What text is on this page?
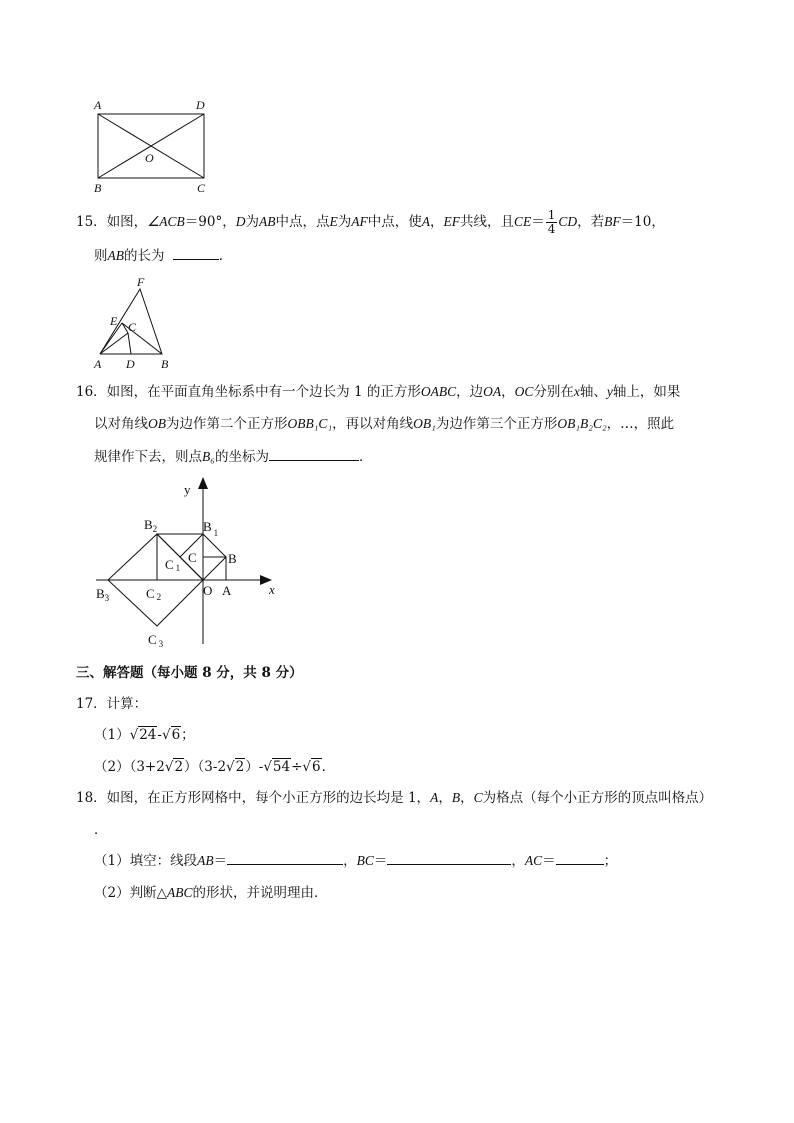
A	D
O
B	C
F
E C
A D B
y
x
$B_2$	B $_1$
C B
C 1
$B_3$	C 2	O A
C $_3$
15．如图，∠ACB＝90°，D为AB中点，点E为AF中点，使A，EF共线，且$CE= \frac{1}{4}$ CD，若BF＝10，
则AB的长为	．
16．如图，在平面直角坐标系中有一个边长为 1 的正方形OABC，边OA，OC分别在x轴、y轴上，如果
以对角线OB为边作第二个正方形OBB₁C₁，再以对角线OB₁为边作第三个正方形OB₁B₂C₂，…，照此
规律作下去，则点B₆的坐标为	．
三、解答题（每小题 8 分，共 8 分）
17．计算：
（1）√24-√6；
（2）（3+2√2）（3-2√2）-√54÷√6．
18．如图，在正方形网格中，每个小正方形的边长均是 1，A，B，C为格点（每个小正方形的顶点叫格点）
．
（1）填空：线段AB＝	，BC＝	，AC＝	；
（2）判断△ABC的形状，并说明理由．
